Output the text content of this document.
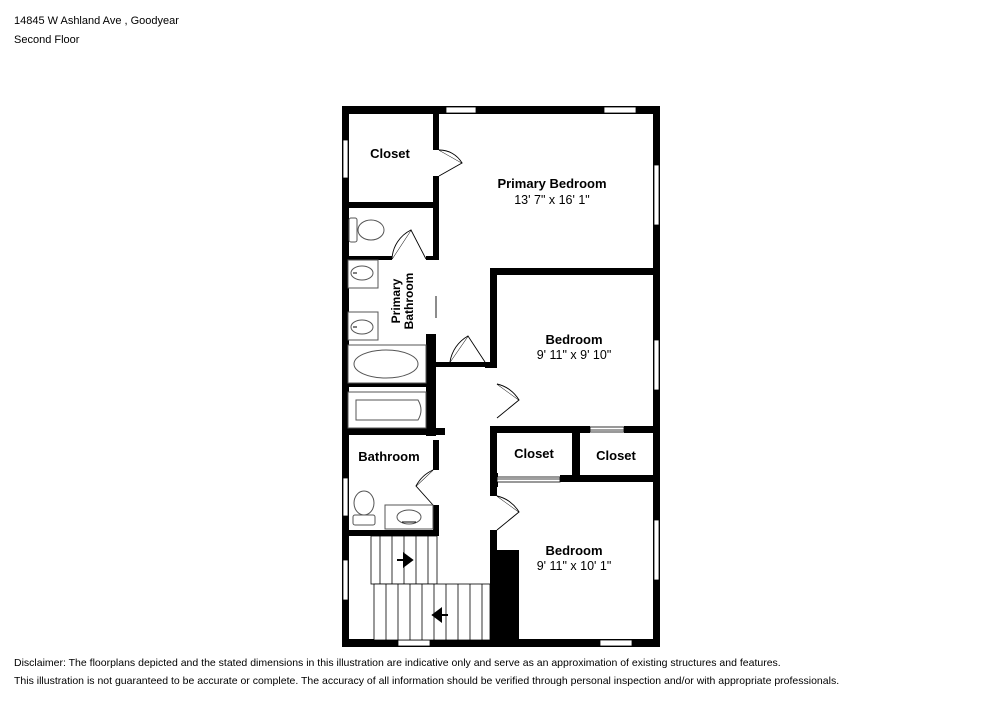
14845 W Ashland Ave , Goodyear
Second Floor
Closet
Primary Bedroom
13' 7" x 16' 1"
Primary Bathroom
Bedroom
9' 11" x 9' 10"
Closet	Closet
Bathroom
Bedroom
9' 11" x 10' 1"
Disclaimer: The floorplans depicted and the stated dimensions in this illustration are indicative only and serve as an approximation of existing structures and features.
This illustration is not guaranteed to be accurate or complete. The accuracy of all information should be verified through personal inspection and/or with appropriate professionals.
